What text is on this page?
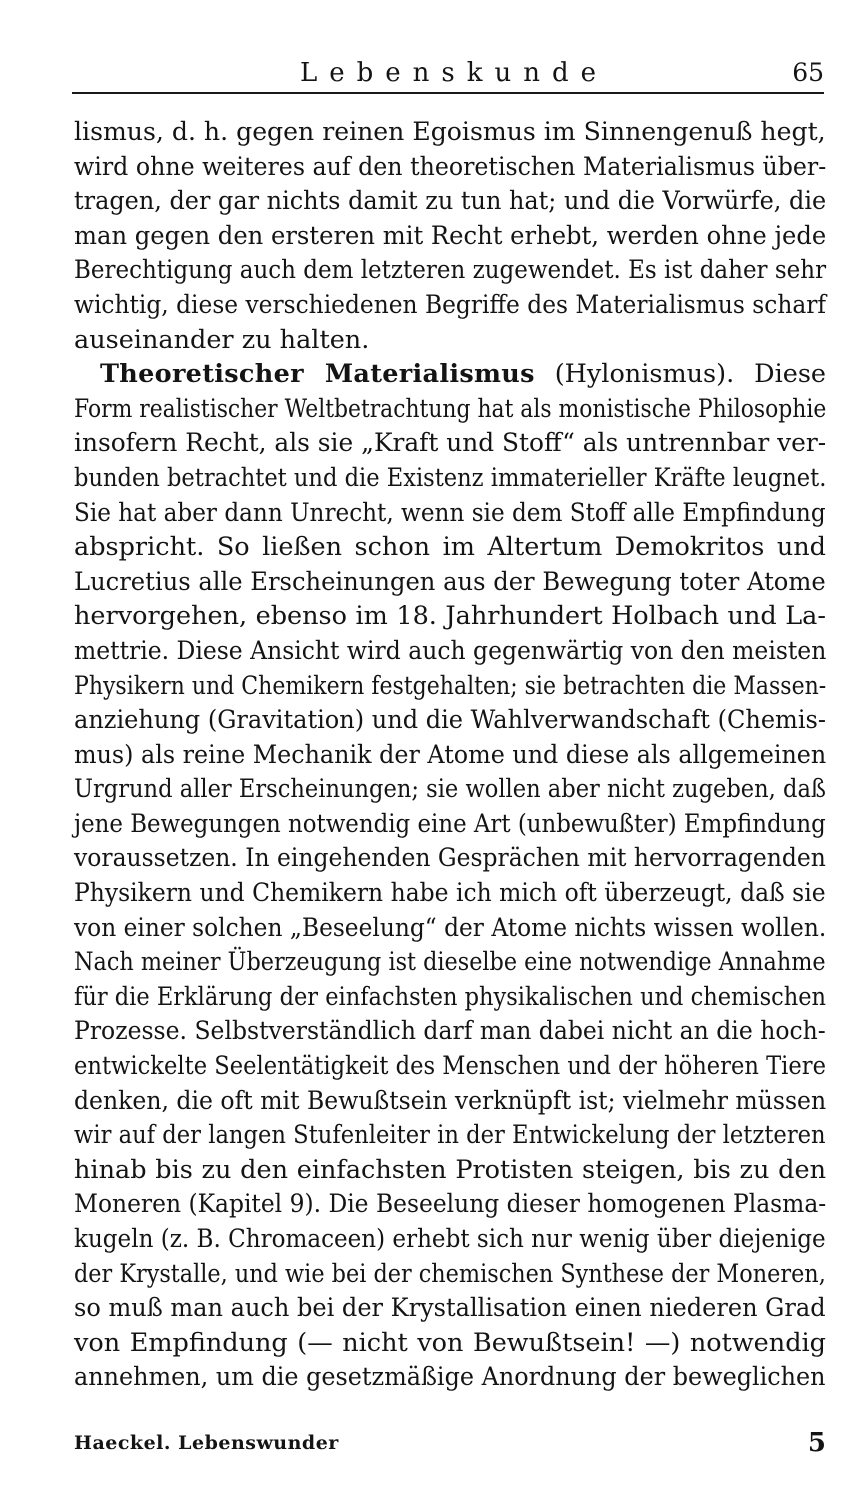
Lebenskunde	65
lismus, d. h. gegen reinen Egoismus im Sinnengenuß hegt,
wird ohne weiteres auf den theoretischen Materialismus über-
tragen, der gar nichts damit zu tun hat; und die Vorwürfe, die
man gegen den ersteren mit Recht erhebt, werden ohne jede
Berechtigung auch dem letzteren zugewendet. Es ist daher sehr
wichtig, diese verschiedenen Begriffe des Materialismus scharf
auseinander zu halten.
Theoretischer Materialismus (Hylonismus). Diese
Form realistischer Weltbetrachtung hat als monistische Philosophie
insofern Recht, als sie „Kraft und Stoff“ als untrennbar ver-
bunden betrachtet und die Existenz immaterieller Kräfte leugnet.
Sie hat aber dann Unrecht, wenn sie dem Stoff alle Empfindung
abspricht. So ließen schon im Altertum Demokritos und
Lucretius alle Erscheinungen aus der Bewegung toter Atome
hervorgehen, ebenso im 18. Jahrhundert Holbach und La-
mettrie. Diese Ansicht wird auch gegenwärtig von den meisten
Physikern und Chemikern festgehalten; sie betrachten die Massen-
anziehung (Gravitation) und die Wahlverwandschaft (Chemis-
mus) als reine Mechanik der Atome und diese als allgemeinen
Urgrund aller Erscheinungen; sie wollen aber nicht zugeben, daß
jene Bewegungen notwendig eine Art (unbewußter) Empfindung
voraussetzen. In eingehenden Gesprächen mit hervorragenden
Physikern und Chemikern habe ich mich oft überzeugt, daß sie
von einer solchen „Beseelung“ der Atome nichts wissen wollen.
Nach meiner Überzeugung ist dieselbe eine notwendige Annahme
für die Erklärung der einfachsten physikalischen und chemischen
Prozesse. Selbstverständlich darf man dabei nicht an die hoch-
entwickelte Seelentätigkeit des Menschen und der höheren Tiere
denken, die oft mit Bewußtsein verknüpft ist; vielmehr müssen
wir auf der langen Stufenleiter in der Entwickelung der letzteren
hinab bis zu den einfachsten Protisten steigen, bis zu den
Moneren (Kapitel 9). Die Beseelung dieser homogenen Plasma-
kugeln (z. B. Chromaceen) erhebt sich nur wenig über diejenige
der Krystalle, und wie bei der chemischen Synthese der Moneren,
so muß man auch bei der Krystallisation einen niederen Grad
von Empfindung (— nicht von Bewußtsein! —) notwendig
annehmen, um die gesetzmäßige Anordnung der beweglichen
Haeckel. Lebenswunder	5
